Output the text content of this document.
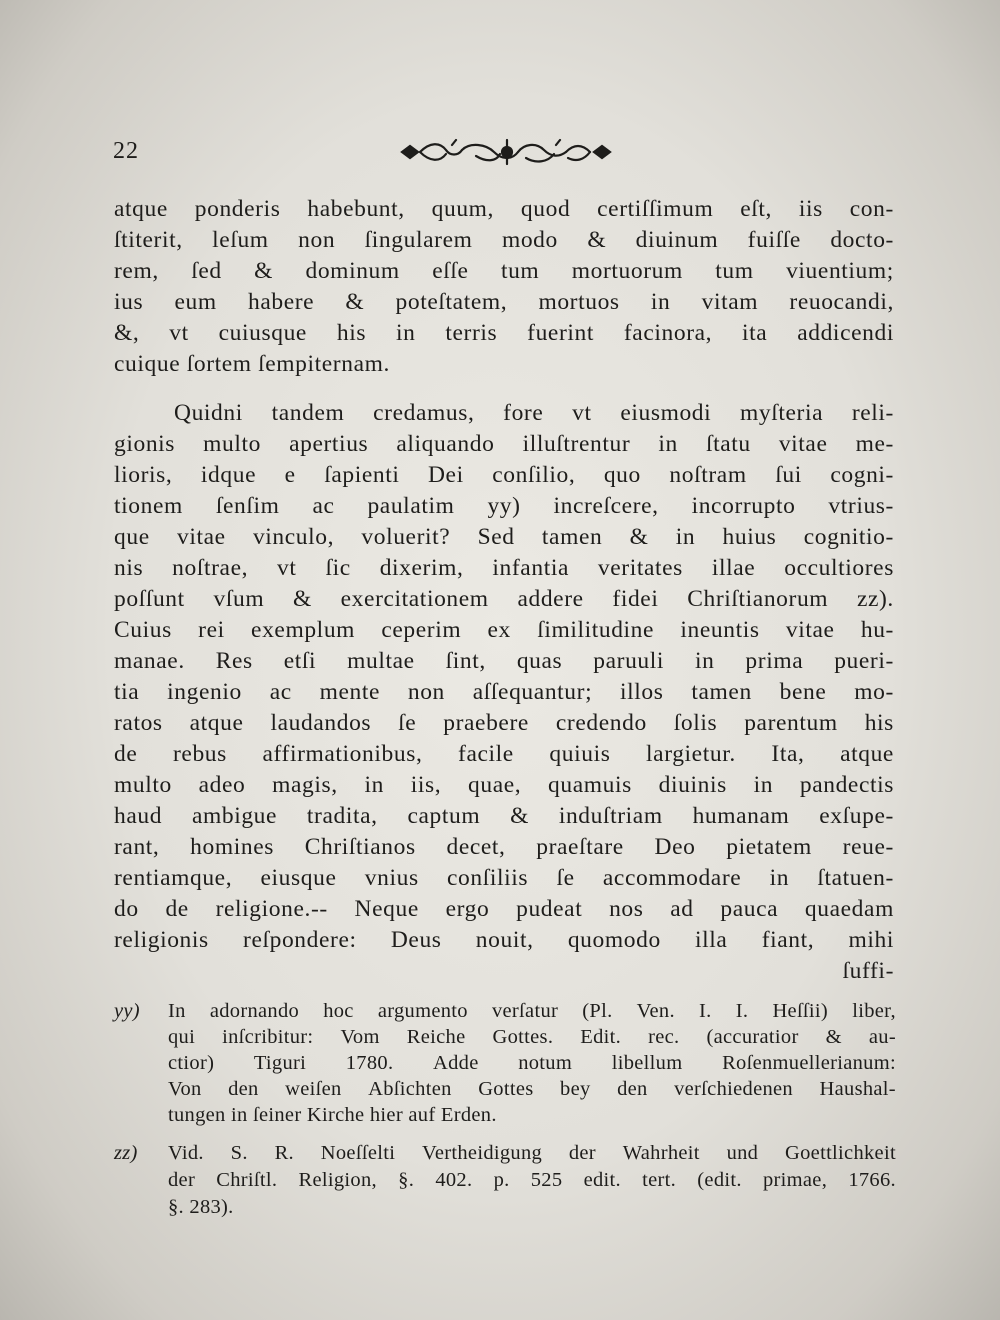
22
atque ponderis habebunt, quum, quod certiſſimum eſt, iis con-
ſtiterit, leſum non ſingularem modo & diuinum fuiſſe docto-
rem, ſed & dominum eſſe tum mortuorum tum viuentium;
ius eum habere & poteſtatem, mortuos in vitam reuocandi,
&, vt cuiusque his in terris fuerint facinora, ita addicendi
cuique ſortem ſempiternam.
Quidni tandem credamus, fore vt eiusmodi myſteria reli-
gionis multo apertius aliquando illuſtrentur in ſtatu vitae me-
lioris, idque e ſapienti Dei conſilio, quo noſtram ſui cogni-
tionem ſenſim ac paulatim yy) increſcere, incorrupto vtrius-
que vitae vinculo, voluerit? Sed tamen & in huius cognitio-
nis noſtrae, vt ſic dixerim, infantia veritates illae occultiores
poſſunt vſum & exercitationem addere fidei Chriſtianorum zz).
Cuius rei exemplum ceperim ex ſimilitudine ineuntis vitae hu-
manae. Res etſi multae ſint, quas paruuli in prima pueri-
tia ingenio ac mente non aſſequantur; illos tamen bene mo-
ratos atque laudandos ſe praebere credendo ſolis parentum his
de rebus affirmationibus, facile quiuis largietur. Ita, atque
multo adeo magis, in iis, quae, quamuis diuinis in pandectis
haud ambigue tradita, captum & induſtriam humanam exſupe-
rant, homines Chriſtianos decet, praeſtare Deo pietatem reue-
rentiamque, eiusque vnius conſiliis ſe accommodare in ſtatuen-
do de religione.-- Neque ergo pudeat nos ad pauca quaedam
religionis reſpondere: Deus nouit, quomodo illa fiant, mihi
ſuffi-
yy)	In adornando hoc argumento verſatur (Pl. Ven. I. I. Heſſii) liber,
qui inſcribitur: Vom Reiche Gottes. Edit. rec. (accuratior & au-
ctior) Tiguri 1780. Adde notum libellum Roſenmuellerianum:
Von den weiſen Abſichten Gottes bey den verſchiedenen Haushal-
tungen in ſeiner Kirche hier auf Erden.
zz)	Vid. S. R. Noeſſelti Vertheidigung der Wahrheit und Goettlichkeit
der Chriſtl. Religion, §. 402. p. 525 edit. tert. (edit. primae, 1766.
§. 283).
